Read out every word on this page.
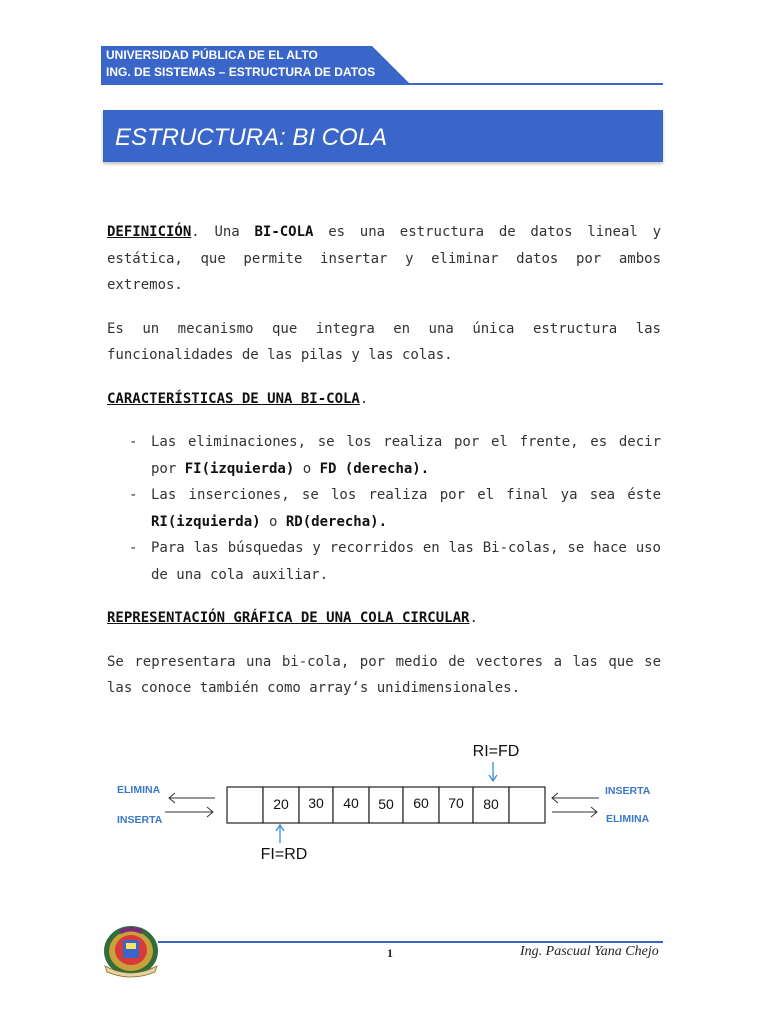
UNIVERSIDAD PÚBLICA DE EL ALTO
ING. DE SISTEMAS – ESTRUCTURA DE DATOS
ESTRUCTURA: BI COLA

DEFINICIÓN. Una BI-COLA es una estructura de datos lineal y estática, que permite insertar y eliminar datos por ambos extremos.

Es un mecanismo que integra en una única estructura las funcionalidades de las pilas y las colas.

CARACTERÍSTICAS DE UNA BI-COLA.

- Las eliminaciones, se los realiza por el frente, es decir por FI(izquierda) o FD (derecha).
- Las inserciones, se los realiza por el final ya sea éste RI(izquierda) o RD(derecha).
- Para las búsquedas y recorridos en las Bi-colas, se hace uso de una cola auxiliar.

REPRESENTACIÓN GRÁFICA DE UNA COLA CIRCULAR.

Se representara una bi-cola, por medio de vectores a las que se las conoce también como array‘s unidimensionales.

RI=FD
20 30 40 50 60 70 80
FI=RD
ELIMINA
INSERTA
INSERTA
ELIMINA
1	Ing. Pascual Yana Chejo
